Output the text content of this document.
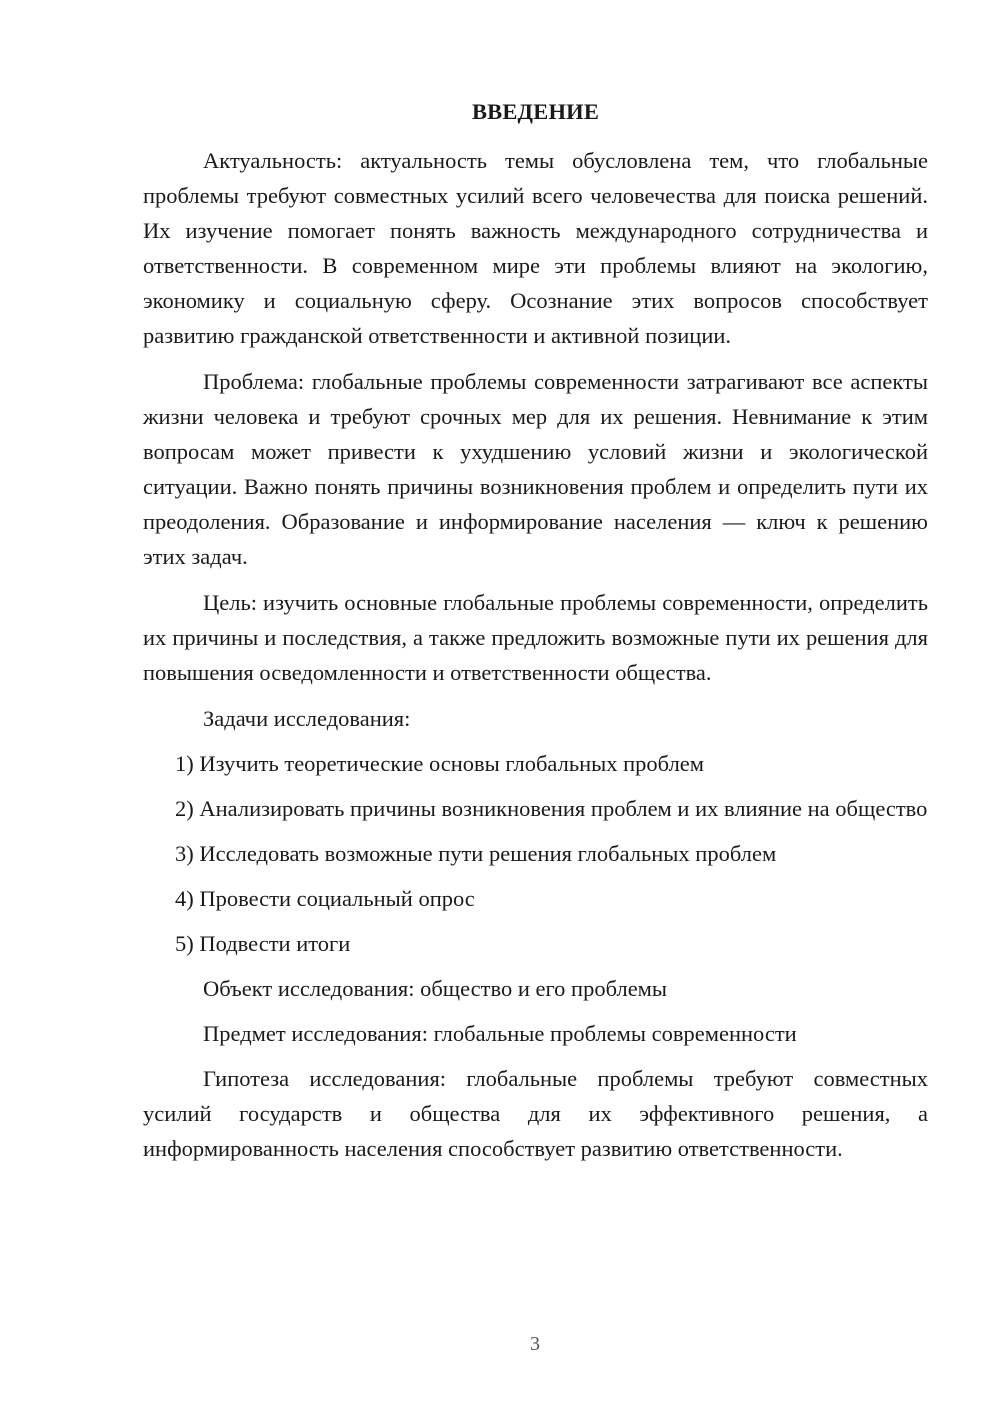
ВВЕДЕНИЕ

Актуальность: актуальность темы обусловлена тем, что глобальные проблемы требуют совместных усилий всего человечества для поиска решений. Их изучение помогает понять важность международного сотрудничества и ответственности. В современном мире эти проблемы влияют на экологию, экономику и социальную сферу. Осознание этих вопросов способствует развитию гражданской ответственности и активной позиции.

Проблема: глобальные проблемы современности затрагивают все аспекты жизни человека и требуют срочных мер для их решения. Невнимание к этим вопросам может привести к ухудшению условий жизни и экологической ситуации. Важно понять причины возникновения проблем и определить пути их преодоления. Образование и информирование населения — ключ к решению этих задач.

Цель: изучить основные глобальные проблемы современности, определить их причины и последствия, а также предложить возможные пути их решения для повышения осведомленности и ответственности общества.

Задачи исследования:

1) Изучить теоретические основы глобальных проблем

2) Анализировать причины возникновения проблем и их влияние на общество

3) Исследовать возможные пути решения глобальных проблем

4) Провести социальный опрос

5) Подвести итоги

Объект исследования: общество и его проблемы

Предмет исследования: глобальные проблемы современности

Гипотеза исследования: глобальные проблемы требуют совместных усилий государств и общества для их эффективного решения, а информированность населения способствует развитию ответственности.

3
